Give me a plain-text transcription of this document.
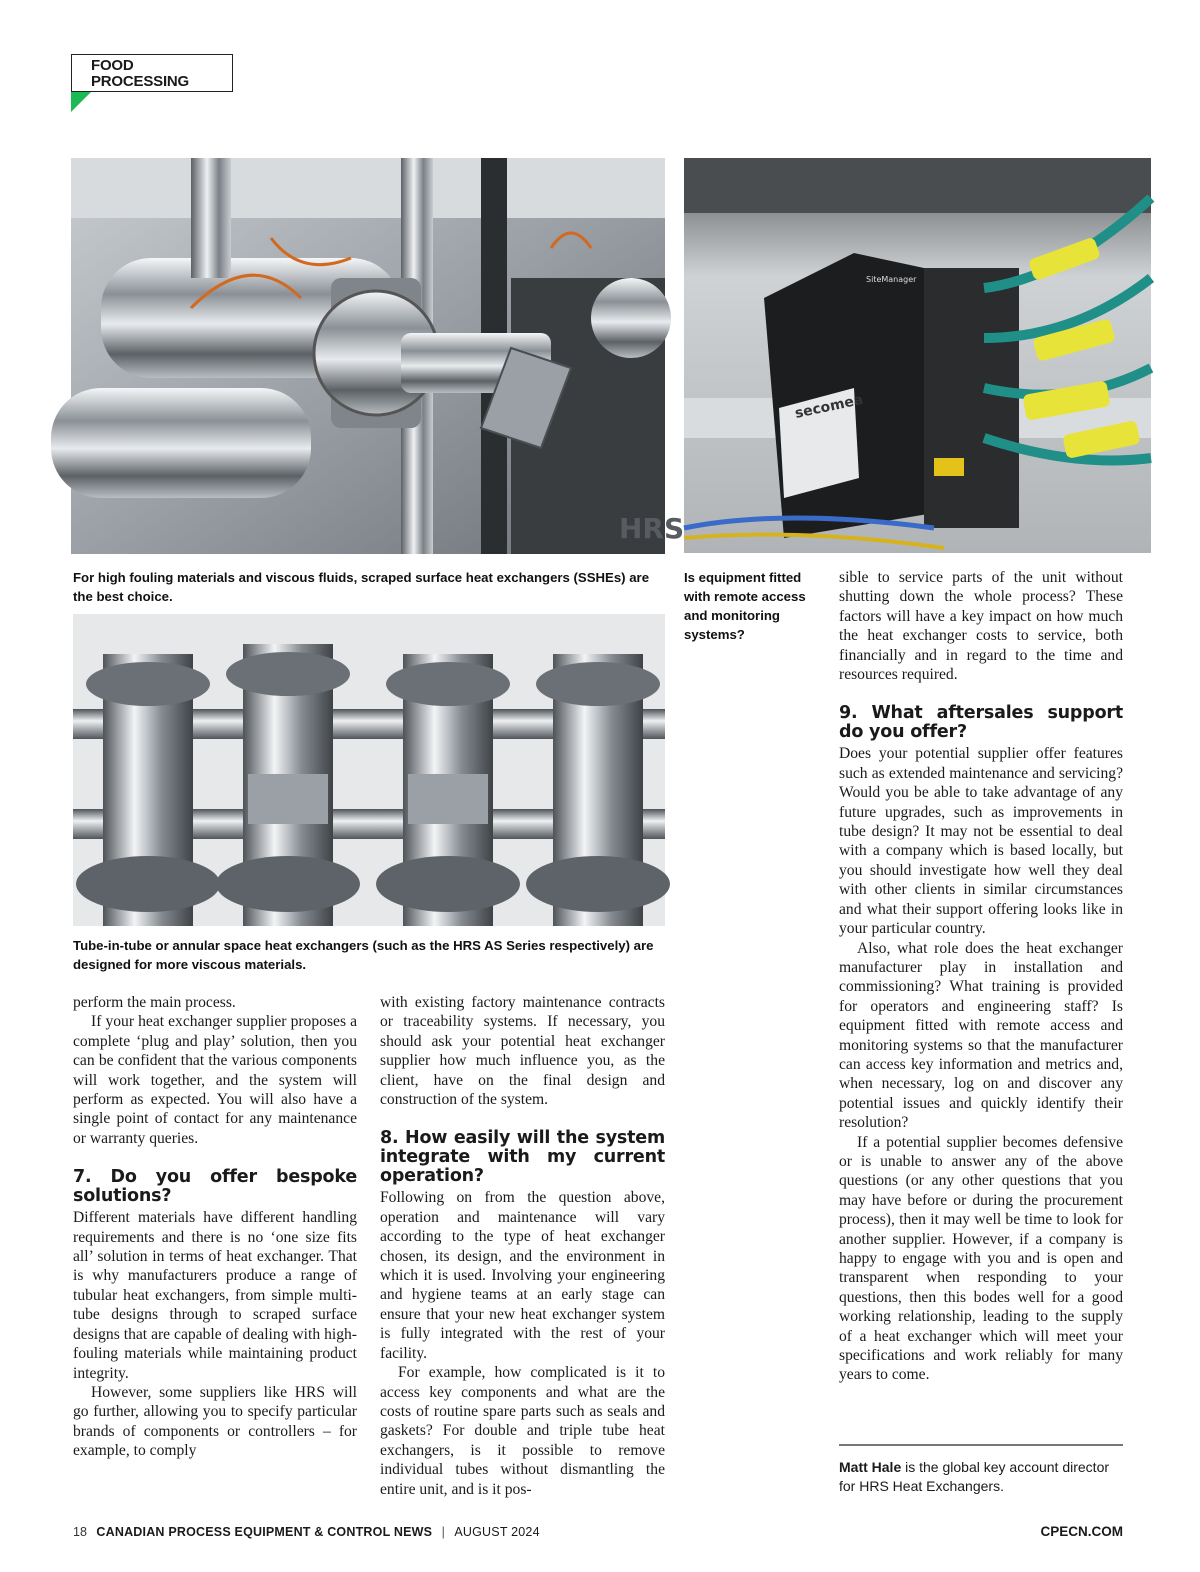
FOOD
PROCESSING
HRS
secomea
SiteManager
For high fouling materials and viscous fluids, scraped surface heat exchangers (SSHEs) are the best choice.
Is equipment fitted with remote access and monitoring systems?
Tube-in-tube or annular space heat exchangers (such as the HRS AS Series respectively) are designed for more viscous materials.

perform the main process.

If your heat exchanger supplier proposes a complete ‘plug and play’ solution, then you can be confident that the various components will work together, and the system will perform as expected. You will also have a single point of contact for any maintenance or warranty queries.

7. Do you offer bespoke solutions?

Different materials have different handling requirements and there is no ‘one size fits all’ solution in terms of heat exchanger. That is why manufacturers produce a range of tubular heat exchangers, from simple multi-tube designs through to scraped surface designs that are capable of dealing with high-fouling materials while maintaining product integrity.

However, some suppliers like HRS will go further, allowing you to specify particular brands of components or controllers – for example, to comply

with existing factory maintenance contracts or traceability systems. If necessary, you should ask your potential heat exchanger supplier how much influence you, as the client, have on the final design and construction of the system.

8. How easily will the system integrate with my current operation?

Following on from the question above, operation and maintenance will vary according to the type of heat exchanger chosen, its design, and the environment in which it is used. Involving your engineering and hygiene teams at an early stage can ensure that your new heat exchanger system is fully integrated with the rest of your facility.

For example, how complicated is it to access key components and what are the costs of routine spare parts such as seals and gaskets? For double and triple tube heat exchangers, is it possible to remove individual tubes without dismantling the entire unit, and is it pos-

sible to service parts of the unit without shutting down the whole process? These factors will have a key impact on how much the heat exchanger costs to service, both financially and in regard to the time and resources required.

9. What aftersales support do you offer?

Does your potential supplier offer features such as extended maintenance and servicing? Would you be able to take advantage of any future upgrades, such as improvements in tube design? It may not be essential to deal with a company which is based locally, but you should investigate how well they deal with other clients in similar circumstances and what their support offering looks like in your particular country.

Also, what role does the heat exchanger manufacturer play in installation and commissioning? What training is provided for operators and engineering staff? Is equipment fitted with remote access and monitoring systems so that the manufacturer can access key information and metrics and, when necessary, log on and discover any potential issues and quickly identify their resolution?

If a potential supplier becomes defensive or is unable to answer any of the above questions (or any other questions that you may have before or during the procurement process), then it may well be time to look for another supplier. However, if a company is happy to engage with you and is open and transparent when responding to your questions, then this bodes well for a good working relationship, leading to the supply of a heat exchanger which will meet your specifications and work reliably for many years to come.

Matt Hale is the global key account director for HRS Heat Exchangers.
18 CANADIAN PROCESS EQUIPMENT & CONTROL NEWS | AUGUST 2024	CPECN.COM
